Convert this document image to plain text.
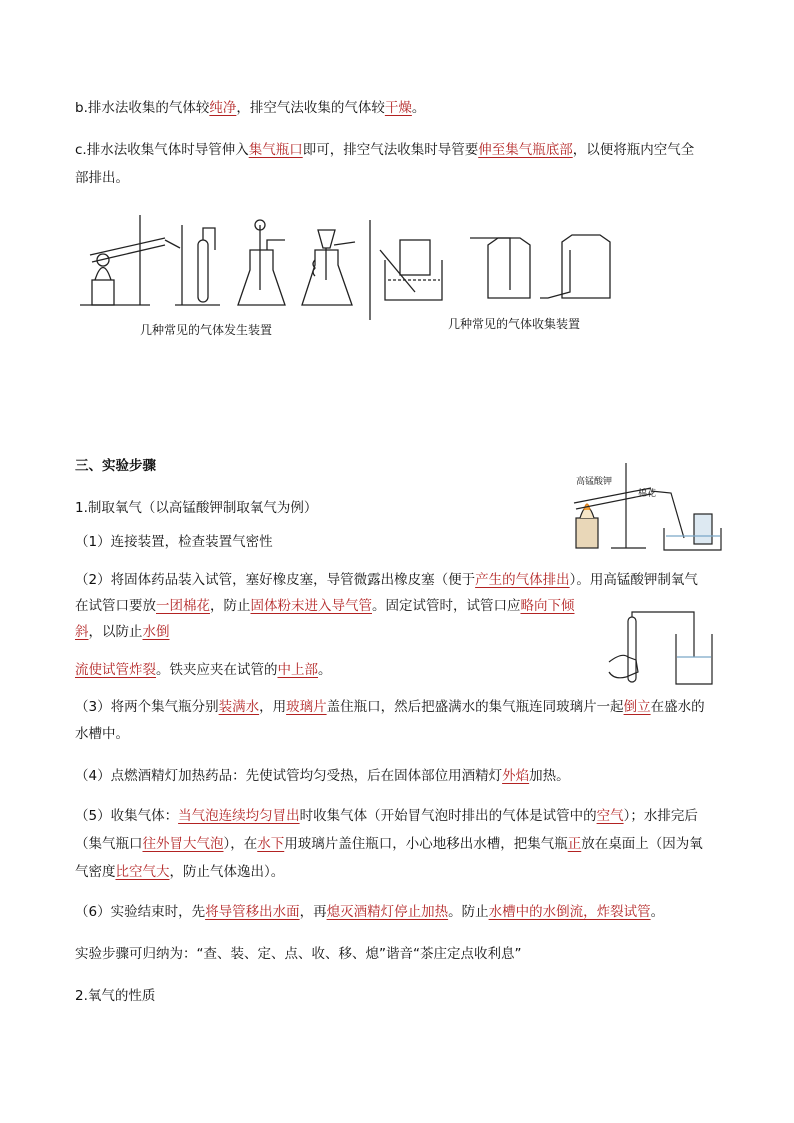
b.排水法收集的气体较纯净，排空气法收集的气体较干燥。
c.排水法收集气体时导管伸入集气瓶口即可，排空气法收集时导管要伸至集气瓶底部，以便将瓶内空气全
部排出。
几种常见的气体发生装置	几种常见的气体收集装置
三、实验步骤
高锰酸钾
棉花
1.制取氧气（以高锰酸钾制取氧气为例）
（1）连接装置，检查装置气密性
（2）将固体药品装入试管，塞好橡皮塞，导管微露出橡皮塞（便于产生的气体排出）。用高锰酸钾制氧气
在试管口要放一团棉花，防止固体粉末进入导气管。固定试管时，试管口应略向下倾
斜，以防止水倒
流使试管炸裂。铁夹应夹在试管的中上部。
（3）将两个集气瓶分别装满水，用玻璃片盖住瓶口，然后把盛满水的集气瓶连同玻璃片一起倒立在盛水的
水槽中。
（4）点燃酒精灯加热药品：先使试管均匀受热，后在固体部位用酒精灯外焰加热。
（5）收集气体：当气泡连续均匀冒出时收集气体（开始冒气泡时排出的气体是试管中的空气）；水排完后
（集气瓶口往外冒大气泡），在水下用玻璃片盖住瓶口，小心地移出水槽，把集气瓶正放在桌面上（因为氧
气密度比空气大，防止气体逸出）。
（6）实验结束时，先将导管移出水面，再熄灭酒精灯停止加热。防止水槽中的水倒流，炸裂试管。
实验步骤可归纳为：“查、装、定、点、收、移、熄”谐音“茶庄定点收利息”
2.氧气的性质
